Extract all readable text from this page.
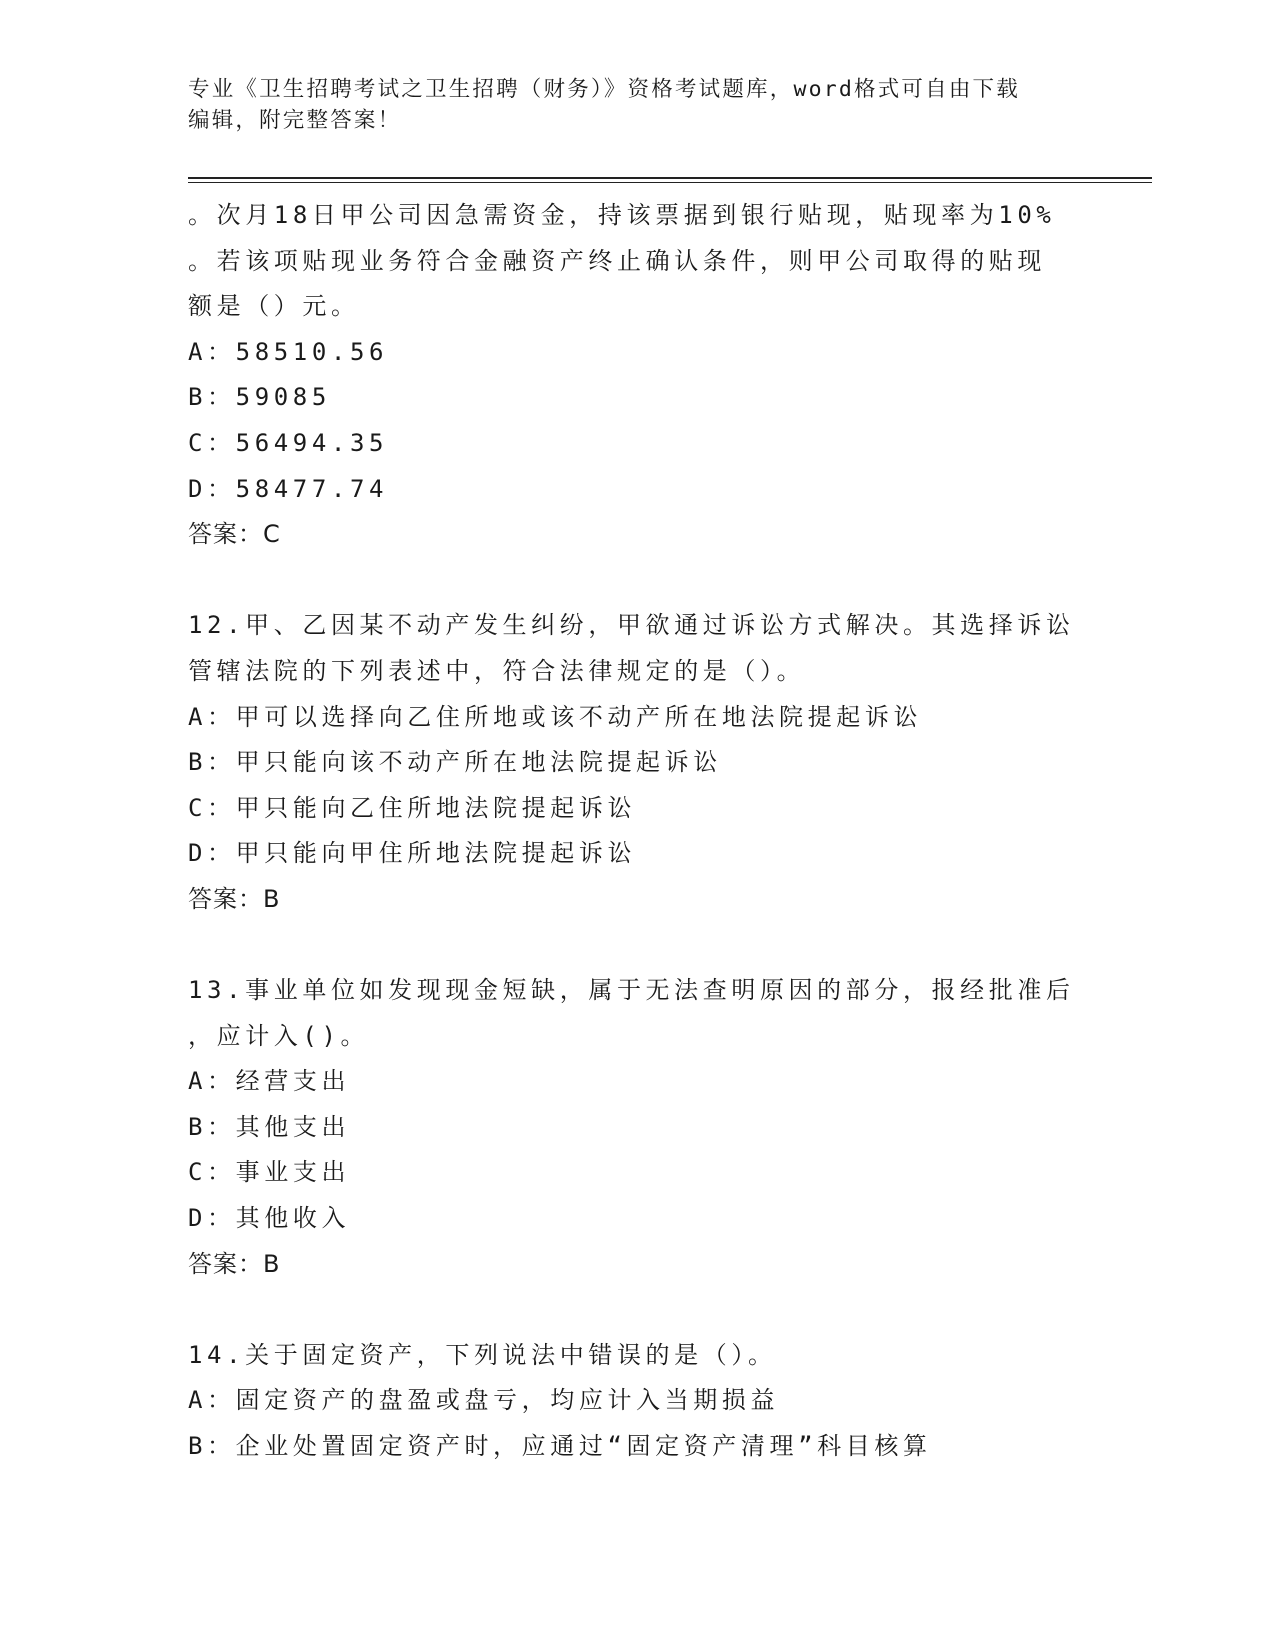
专业《卫生招聘考试之卫生招聘（财务）》资格考试题库，word格式可自由下载
编辑，附完整答案！
。次月18日甲公司因急需资金，持该票据到银行贴现，贴现率为10%
。若该项贴现业务符合金融资产终止确认条件，则甲公司取得的贴现
额是（）元。
A：58510.56
B：59085
C：56494.35
D：58477.74
答案：C
12.甲、乙因某不动产发生纠纷，甲欲通过诉讼方式解决。其选择诉讼
管辖法院的下列表述中，符合法律规定的是（）。
A：甲可以选择向乙住所地或该不动产所在地法院提起诉讼
B：甲只能向该不动产所在地法院提起诉讼
C：甲只能向乙住所地法院提起诉讼
D：甲只能向甲住所地法院提起诉讼
答案：B
13.事业单位如发现现金短缺，属于无法查明原因的部分，报经批准后
，应计入()。
A：经营支出
B：其他支出
C：事业支出
D：其他收入
答案：B
14.关于固定资产，下列说法中错误的是（）。
A：固定资产的盘盈或盘亏，均应计入当期损益
B：企业处置固定资产时，应通过“固定资产清理”科目核算
